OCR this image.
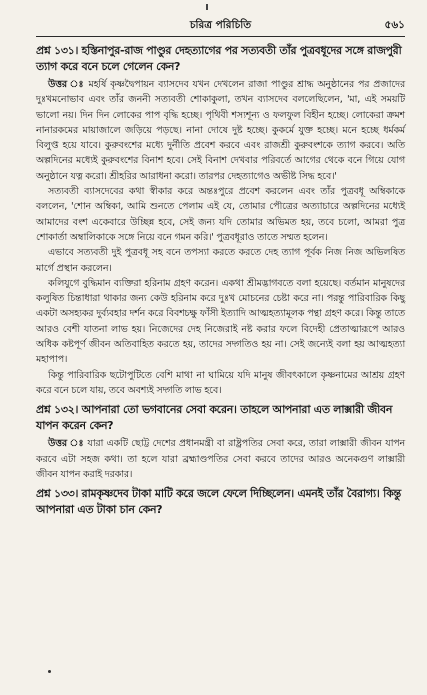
চরিত্র পরিচিতি	৫৬১
প্রশ্ন ১৩১। হস্তিনাপুর-রাজ পাণ্ডুর দেহত্যাগের পর সত্যবতী তাঁর পুত্রবধূদের সঙ্গে রাজপুরী ত্যাগ করে বনে চলে গেলেন কেন?

উত্তর ঃ মহর্ষি কৃষ্ণদ্বৈপায়ন ব্যাসদেব যখন দেখলেন রাজা পাণ্ডুর শ্রাদ্ধ অনুষ্ঠানের পর প্রজাদের দুঃখমনোভাব এবং তাঁর জননী সত্যবতী শোকাকুলা, তখন ব্যাসদেব বললেছিলেন, 'মা, এই সময়টি ভালো নয়। দিন দিন লোকের পাপ বৃদ্ধি হচ্ছে। পৃথিবী শস্যশূন্য ও ফলফুল বিহীন হচ্ছে। লোকেরা ক্রমশ নানারকমের মায়াজালে জড়িয়ে পড়ছে। নানা দোষে দুষ্ট হচ্ছে। কুকর্মে যুক্ত হচ্ছে। মনে হচ্ছে ধর্মকর্ম বিলুপ্ত হয়ে যাবে। কুরুবংশের মধ্যে দুর্নীতি প্রবেশ করবে এবং রাজশ্রী কুরুবংশকে ত্যাগ করবে। অতি অল্পদিনের মধ্যেই কুরুবংশের বিনাশ হবে। সেই বিনাশ দেখবার পরিবর্তে আগের থেকে বনে গিয়ে যোগ অনুষ্ঠানে যত্ন করো। শ্রীহরির আরাধনা করো। তারপর দেহত্যাগেও অভীষ্ট সিদ্ধ হবে।'

সত্যবতী ব্যাসদেবের কথা স্বীকার করে অন্তঃপুরে প্রবেশ করলেন এবং তাঁর পুত্রবধূ অম্বিকাকে বললেন, 'শোন অম্বিকা, আমি শুনতে পেলাম এই যে, তোমার পৌত্রের অত্যাচারে অল্পদিনের মধ্যেই আমাদের বংশ একেবারে উচ্ছিন্ন হবে, সেই জন্য যদি তোমার অভিমত হয়, তবে চলো, আমরা পুত্র শোকার্তা অম্বালিকাকে সঙ্গে নিয়ে বনে গমন করি।' পুত্রবধূরাও তাতে সম্মত হলেন।

এভাবে সত্যবতী দুই পুত্রবধূ সহ বনে তপস্যা করতে করতে দেহ ত্যাগ পূর্বক নিজ নিজ অভিলষিত মার্গে প্রস্থান করলেন।

কলিযুগে বুদ্ধিমান ব্যক্তিরা হরিনাম গ্রহণ করেন। একথা শ্রীমদ্ভাগবতে বলা হয়েছে। বর্তমান মানুষদের কলুষিত চিন্তাধারা থাকার জন্য কেউ হরিনাম করে দুঃখ মোচনের চেষ্টা করে না। পরন্তু পারিবারিক কিছু একটা অসহ্যকর দুর্ব্যবহার দর্শন করে বিবশচক্ষু ফাঁসী ইত্যাদি আত্মহত্যামূলক পন্থা গ্রহণ করে। কিন্তু তাতে আরও বেশী যাতনা লাভ হয়। নিজেদের দেহ নিজেরাই নষ্ট করার ফলে বিদেহী প্রেতাত্মারূপে আরও অধিক কষ্টপূর্ণ জীবন অতিবাহিত করতে হয়, তাদের সদ্গতিও হয় না। সেই জন্যেই বলা হয় আত্মহত্যা মহাপাপ।

কিন্তু পারিবারিক ছটোপুটিতে বেশি মাথা না ঘামিয়ে যদি মানুষ জীবৎকালে কৃষ্ণনামের আশ্রয় গ্রহণ করে বনে চলে যায়, তবে অবশ্যই সদ্গতি লাভ হবে।

প্রশ্ন ১৩২। আপনারা তো ভগবানের সেবা করেন। তাহলে আপনারা এত লাক্সারী জীবন যাপন করেন কেন?

উত্তর ঃ যারা একটি ছোট্ট দেশের প্রধানমন্ত্রী বা রাষ্ট্রপতির সেবা করে, তারা লাক্সারী জীবন যাপন করবে এটা সহজ কথা। তা হলে যারা ব্রহ্মাণ্ডপতির সেবা করবে তাদের আরও অনেকগুণ লাক্সারী জীবন যাপন করাই দরকার।

প্রশ্ন ১৩৩। রামকৃষ্ণদেব টাকা মাটি করে জলে ফেলে দিচ্ছিলেন। এমনই তাঁর বৈরাগ্য। কিন্তু আপনারা এত টাকা চান কেন?
